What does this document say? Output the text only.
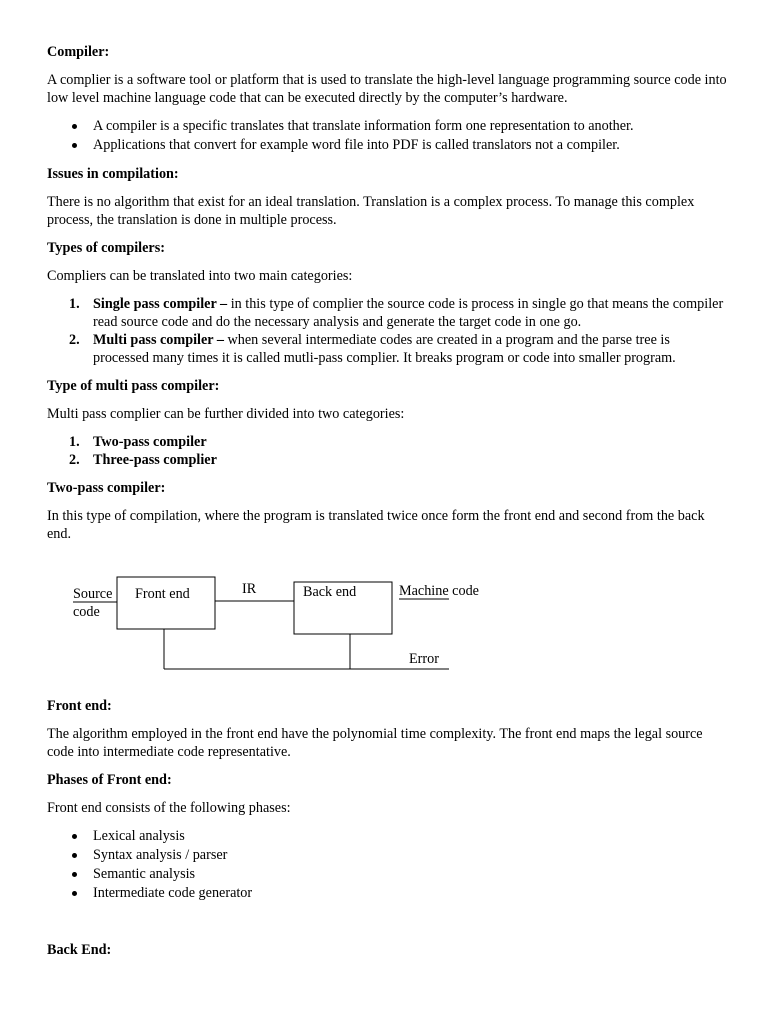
Compiler:

A complier is a software tool or platform that is used to translate the high-level language programming source code into low level machine language code that can be executed directly by the computer’s hardware.

A compiler is a specific translates that translate information form one representation to another.
Applications that convert for example word file into PDF is called translators not a compiler.
Issues in compilation:

There is no algorithm that exist for an ideal translation. Translation is a complex process. To manage this complex process, the translation is done in multiple process.

Types of compilers:

Compliers can be translated into two main categories:

1. Single pass compiler – in this type of complier the source code is process in single go that means the compiler read source code and do the necessary analysis and generate the target code in one go.
2. Multi pass compiler – when several intermediate codes are created in a program and the parse tree is processed many times it is called mutli-pass complier. It breaks program or code into smaller program.
Type of multi pass compiler:

Multi pass complier can be further divided into two categories:

1. Two-pass compiler
2. Three-pass complier
Two-pass compiler:

In this type of compilation, where the program is translated twice once form the front end and second from the back end.

Source
code
Front end	IR	Back end	Machine code
Error
Front end:

The algorithm employed in the front end have the polynomial time complexity. The front end maps the legal source code into intermediate code representative.

Phases of Front end:

Front end consists of the following phases:

Lexical analysis
Syntax analysis / parser
Semantic analysis
Intermediate code generator
Back End:
